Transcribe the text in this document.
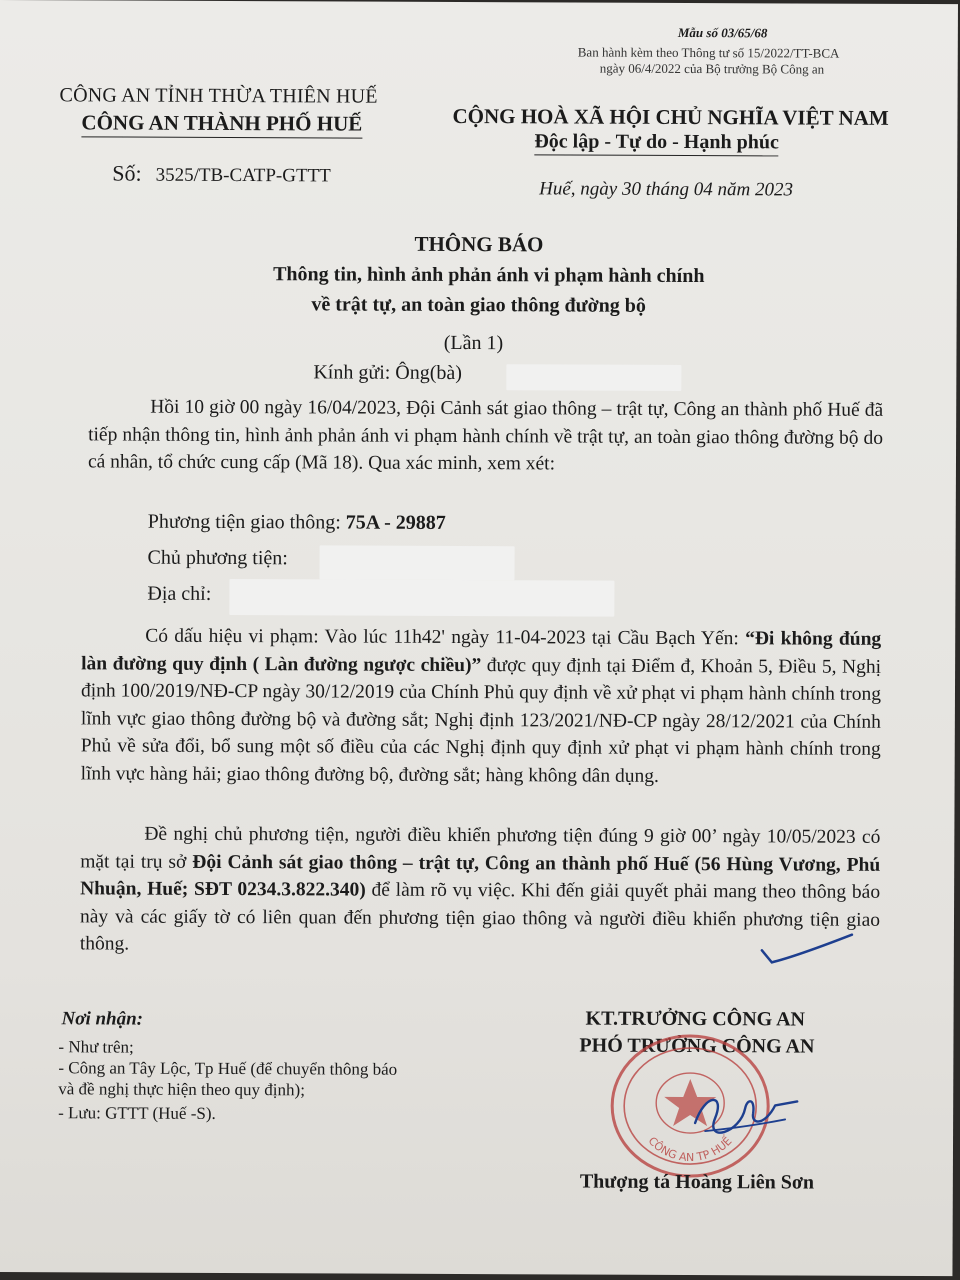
Mẫu số 03/65/68
Ban hành kèm theo Thông tư số 15/2022/TT-BCA
ngày 06/4/2022 của Bộ trưởng Bộ Công an
CÔNG AN TỈNH THỪA THIÊN HUẾ
CÔNG AN THÀNH PHỐ HUẾ	CỘNG HOÀ XÃ HỘI CHỦ NGHĨA VIỆT NAM
Độc lập - Tự do - Hạnh phúc
Số: 3525/TB-CATP-GTTT
Huế, ngày 30 tháng 04 năm 2023
THÔNG BÁO
Thông tin, hình ảnh phản ánh vi phạm hành chính
về trật tự, an toàn giao thông đường bộ
(Lần 1)
Kính gửi: Ông(bà)
Hồi 10 giờ 00 ngày 16/04/2023, Đội Cảnh sát giao thông – trật tự, Công an thành phố Huế đã tiếp nhận thông tin, hình ảnh phản ánh vi phạm hành chính về trật tự, an toàn giao thông đường bộ do cá nhân, tổ chức cung cấp (Mã 18). Qua xác minh, xem xét:
Phương tiện giao thông: 75A - 29887
Chủ phương tiện:
Địa chỉ:
Có dấu hiệu vi phạm: Vào lúc 11h42' ngày 11-04-2023 tại Cầu Bạch Yến: “Đi không đúng làn đường quy định ( Làn đường ngược chiều)” được quy định tại Điểm đ, Khoản 5, Điều 5, Nghị định 100/2019/NĐ-CP ngày 30/12/2019 của Chính Phủ quy định về xử phạt vi phạm hành chính trong lĩnh vực giao thông đường bộ và đường sắt; Nghị định 123/2021/NĐ-CP ngày 28/12/2021 của Chính Phủ về sửa đổi, bổ sung một số điều của các Nghị định quy định xử phạt vi phạm hành chính trong lĩnh vực hàng hải; giao thông đường bộ, đường sắt; hàng không dân dụng.
Đề nghị chủ phương tiện, người điều khiển phương tiện đúng 9 giờ 00’ ngày 10/05/2023 có mặt tại trụ sở Đội Cảnh sát giao thông – trật tự, Công an thành phố Huế (56 Hùng Vương, Phú Nhuận, Huế; SĐT 0234.3.822.340) để làm rõ vụ việc. Khi đến giải quyết phải mang theo thông báo này và các giấy tờ có liên quan đến phương tiện giao thông và người điều khiển phương tiện giao thông.
Nơi nhận:
- Như trên;
- Công an Tây Lộc, Tp Huế (để chuyển thông báo
và đề nghị thực hiện theo quy định);
- Lưu: GTTT (Huế -S).
KT.TRƯỞNG CÔNG AN
PHÓ TRƯỞNG CÔNG AN
CÔNG AN TP HUẾ
Thượng tá Hoàng Liên Sơn
